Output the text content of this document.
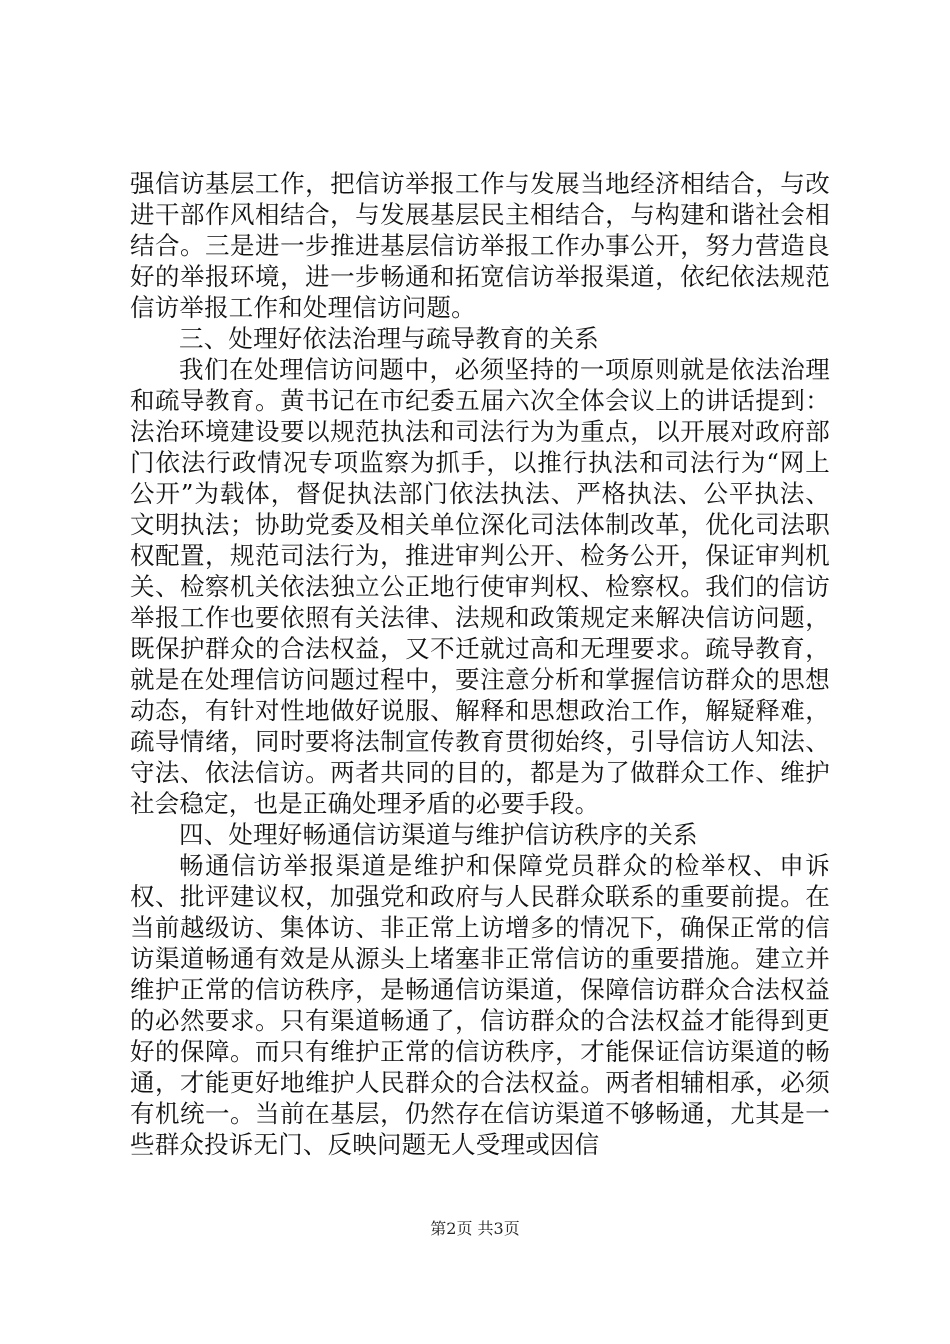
强信访基层工作，把信访举报工作与发展当地经济相结合，与改进干部作风相结合，与发展基层民主相结合，与构建和谐社会相结合。三是进一步推进基层信访举报工作办事公开，努力营造良好的举报环境，进一步畅通和拓宽信访举报渠道，依纪依法规范信访举报工作和处理信访问题。

三、处理好依法治理与疏导教育的关系

我们在处理信访问题中，必须坚持的一项原则就是依法治理和疏导教育。黄书记在市纪委五届六次全体会议上的讲话提到：法治环境建设要以规范执法和司法行为为重点，以开展对政府部门依法行政情况专项监察为抓手，以推行执法和司法行为“网上公开”为载体，督促执法部门依法执法、严格执法、公平执法、文明执法；协助党委及相关单位深化司法体制改革，优化司法职权配置，规范司法行为，推进审判公开、检务公开，保证审判机关、检察机关依法独立公正地行使审判权、检察权。我们的信访举报工作也要依照有关法律、法规和政策规定来解决信访问题，既保护群众的合法权益，又不迁就过高和无理要求。疏导教育，就是在处理信访问题过程中，要注意分析和掌握信访群众的思想动态，有针对性地做好说服、解释和思想政治工作，解疑释难，疏导情绪，同时要将法制宣传教育贯彻始终，引导信访人知法、守法、依法信访。两者共同的目的，都是为了做群众工作、维护社会稳定，也是正确处理矛盾的必要手段。

四、处理好畅通信访渠道与维护信访秩序的关系

畅通信访举报渠道是维护和保障党员群众的检举权、申诉权、批评建议权，加强党和政府与人民群众联系的重要前提。在当前越级访、集体访、非正常上访增多的情况下，确保正常的信访渠道畅通有效是从源头上堵塞非正常信访的重要措施。建立并维护正常的信访秩序，是畅通信访渠道，保障信访群众合法权益的必然要求。只有渠道畅通了，信访群众的合法权益才能得到更好的保障。而只有维护正常的信访秩序，才能保证信访渠道的畅通，才能更好地维护人民群众的合法权益。两者相辅相承，必须有机统一。当前在基层，仍然存在信访渠道不够畅通，尤其是一些群众投诉无门、反映问题无人受理或因信

第2页 共3页
